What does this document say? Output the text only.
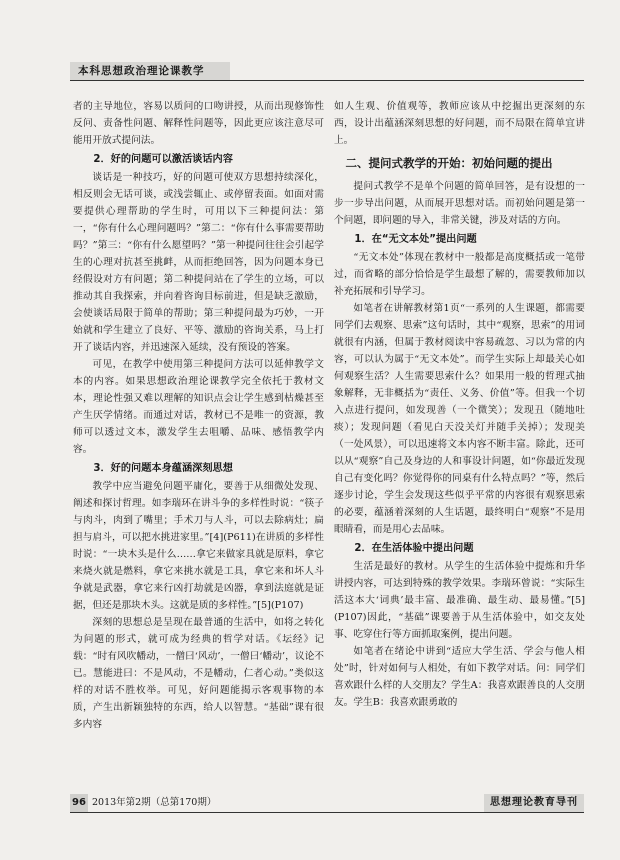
本科思想政治理论课教学

者的主导地位，容易以质问的口吻讲授，从而出现修饰性反问、责备性问题、解释性问题等，因此更应该注意尽可能用开放式提问法。

2．好的问题可以激活谈话内容

谈话是一种技巧，好的问题可使双方思想持续深化，相反则会无话可谈，或浅尝辄止、或停留表面。如面对需要提供心理帮助的学生时，可用以下三种提问法：第一，“你有什么心理问题吗？”第二：“你有什么事需要帮助吗？”第三：“你有什么愿望吗？”第一种提问往往会引起学生的心理对抗甚至挑衅，从而拒绝回答，因为问题本身已经假设对方有问题；第二种提问站在了学生的立场，可以推动其自我探索，并向着咨询目标前进，但是缺乏激励，会使谈话局限于简单的帮助；第三种提问最为巧妙，一开始就和学生建立了良好、平等、激励的咨询关系，马上打开了谈话内容，并迅速深入延续，没有预设的答案。

可见，在教学中使用第三种提问方法可以延伸教学文本的内容。如果思想政治理论课教学完全依托于教材文本，理论性强又难以理解的知识点会让学生感到枯燥甚至产生厌学情绪。而通过对话，教材已不是唯一的资源，教师可以透过文本，激发学生去咀嚼、品味、感悟教学内容。

3．好的问题本身蕴涵深刻思想

教学中应当避免问题平庸化，要善于从细微处发现、阐述和探讨哲理。如李瑞环在讲斗争的多样性时说：“筷子与肉斗，肉到了嘴里；手术刀与人斗，可以去除病灶；扁担与肩斗，可以把水挑进家里。”[4](P611)在讲质的多样性时说：“一块木头是什么……拿它来做家具就是原料，拿它来烧火就是燃料，拿它来挑水就是工具，拿它来和坏人斗争就是武器，拿它来行凶打劫就是凶器，拿到法庭就是证据，但还是那块木头。这就是质的多样性。”[5](P107)

深刻的思想总是呈现在最普通的生活中，如将之转化为问题的形式，就可成为经典的哲学对话。《坛经》记载：“时有风吹幡动，一僧曰‘风动’，一僧曰‘幡动’，议论不已。慧能进曰：不是风动，不是幡动，仁者心动。”类似这样的对话不胜枚举。可见，好问题能揭示客观事物的本质，产生出新颖独特的东西，给人以智慧。“基础”课有很多内容

如人生观、价值观等，教师应该从中挖掘出更深刻的东西，设计出蕴涵深刻思想的好问题，而不局限在简单宜讲上。

二、提问式教学的开始：初始问题的提出

提问式教学不是单个问题的简单回答，是有设想的一步一步导出问题，从而展开思想对话。而初始问题是第一个问题，即问题的导入，非常关键，涉及对话的方向。

1．在“无文本处”提出问题

“无文本处”体现在教材中一般都是高度概括或一笔带过，而省略的部分恰恰是学生最想了解的，需要教师加以补充拓展和引导学习。

如笔者在讲解教材第1页“一系列的人生课题，都需要同学们去观察、思索”这句话时，其中“观察，思索”的用词就很有内涵，但属于教材阅读中容易疏忽、习以为常的内容，可以认为属于“无文本处”。而学生实际上却最关心如何观察生活？人生需要思索什么？如果用一般的哲理式抽象解释，无非概括为“责任、义务、价值”等。但我一个切入点进行提问，如发现善（一个微笑）；发现丑（随地吐痰）；发现问题（看见白天没关灯并随手关掉）；发现美（一处风景），可以迅速将文本内容不断丰富。除此，还可以从“观察”自己及身边的人和事设计问题，如“你最近发现自己有变化吗？你觉得你的同桌有什么特点吗？”等，然后逐步讨论，学生会发现这些似乎平常的内容很有观察思索的必要，蕴涵着深刻的人生话题，最终明白“观察”不是用眼睛看，而是用心去品味。

2．在生活体验中提出问题

生活是最好的教材。从学生的生活体验中提炼和升华讲授内容，可达到特殊的教学效果。李瑞环曾说：“实际生活这本大‘词典’最丰富、最准确、最生动、最易懂。”[5](P107)因此，“基础”课要善于从生活体验中，如交友处事、吃穿住行等方面抓取案例，提出问题。

如笔者在绪论中讲到“适应大学生活、学会与他人相处”时，针对如何与人相处，有如下教学对话。问：同学们喜欢跟什么样的人交朋友？学生A：我喜欢跟善良的人交朋友。学生B：我喜欢跟勇敢的

96 2013年第2期（总第170期）	思想理论教育导刊
